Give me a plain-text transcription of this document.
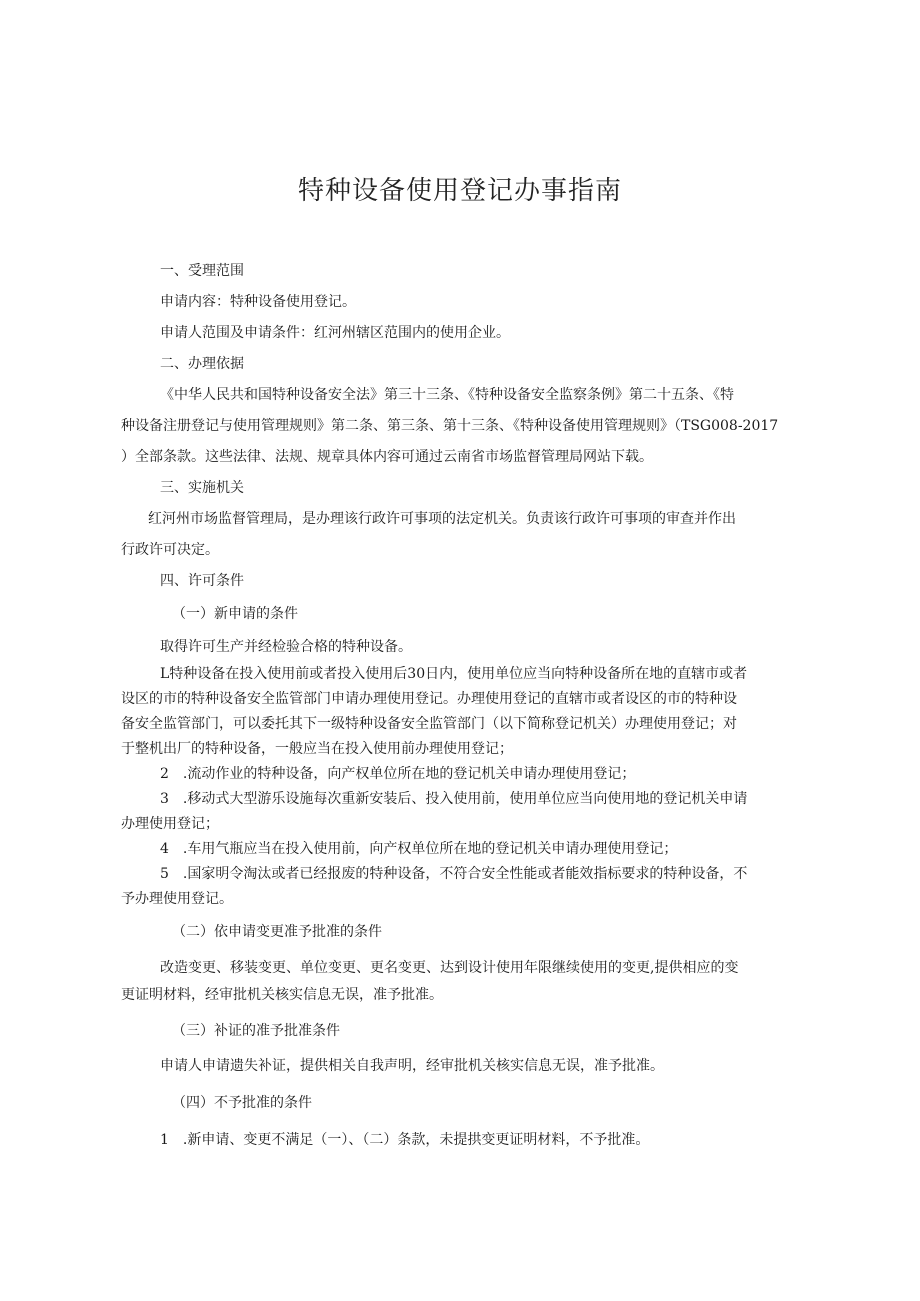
特种设备使用登记办事指南
一、受理范围
申请内容：特种设备使用登记。
申请人范围及申请条件：红河州辖区范围内的使用企业。
二、办理依据
《中华人民共和国特种设备安全法》第三十三条、《特种设备安全监察条例》第二十五条、《特
种设备注册登记与使用管理规则》第二条、第三条、第十三条、《特种设备使用管理规则》（TSG008-2017
）全部条款。这些法律、法规、规章具体内容可通过云南省市场监督管理局网站下载。
三、实施机关
红河州市场监督管理局，是办理该行政许可事项的法定机关。负责该行政许可事项的审查并作出
行政许可决定。
四、许可条件
（一）新申请的条件
取得许可生产并经检验合格的特种设备。
L特种设备在投入使用前或者投入使用后30日内，使用单位应当向特种设备所在地的直辖市或者
设区的市的特种设备安全监管部门申请办理使用登记。办理使用登记的直辖市或者设区的市的特种设
备安全监管部门，可以委托其下一级特种设备安全监管部门（以下简称登记机关）办理使用登记；对
于整机出厂的特种设备，一般应当在投入使用前办理使用登记；
2　.流动作业的特种设备，向产权单位所在地的登记机关申请办理使用登记；
3　.移动式大型游乐设施每次重新安装后、投入使用前，使用单位应当向使用地的登记机关申请
办理使用登记；
4　.车用气瓶应当在投入使用前，向产权单位所在地的登记机关申请办理使用登记；
5　.国家明令淘汰或者已经报废的特种设备，不符合安全性能或者能效指标要求的特种设备，不
予办理使用登记。
（二）依申请变更准予批准的条件
改造变更、移装变更、单位变更、更名变更、达到设计使用年限继续使用的变更,提供相应的变
更证明材料，经审批机关核实信息无误，准予批准。
（三）补证的准予批准条件
申请人申请遗失补证，提供相关自我声明，经审批机关核实信息无误，准予批准。
（四）不予批准的条件
1　.新申请、变更不满足（一）、（二）条款，未提拱变更证明材料，不予批准。
